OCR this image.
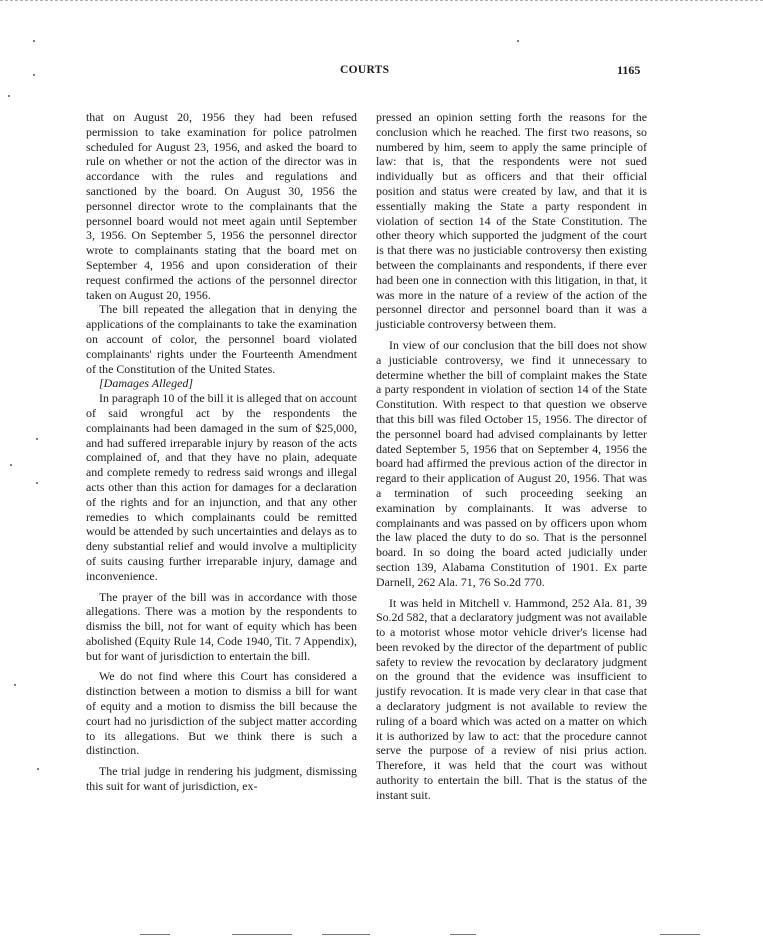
COURTS	1165

that on August 20, 1956 they had been refused permission to take examination for police patrolmen scheduled for August 23, 1956, and asked the board to rule on whether or not the action of the director was in accordance with the rules and regulations and sanctioned by the board. On August 30, 1956 the personnel director wrote to the complainants that the personnel board would not meet again until September 3, 1956. On September 5, 1956 the personnel director wrote to complainants stating that the board met on September 4, 1956 and upon consideration of their request confirmed the actions of the personnel director taken on August 20, 1956.

The bill repeated the allegation that in denying the applications of the complainants to take the examination on account of color, the personnel board violated complainants' rights under the Fourteenth Amendment of the Constitution of the United States.

[Damages Alleged]

In paragraph 10 of the bill it is alleged that on account of said wrongful act by the respondents the complainants had been damaged in the sum of $25,000, and had suffered irreparable injury by reason of the acts complained of, and that they have no plain, adequate and complete remedy to redress said wrongs and illegal acts other than this action for damages for a declaration of the rights and for an injunction, and that any other remedies to which complainants could be remitted would be attended by such uncertainties and delays as to deny substantial relief and would involve a multiplicity of suits causing further irreparable injury, damage and inconvenience.

The prayer of the bill was in accordance with those allegations. There was a motion by the respondents to dismiss the bill, not for want of equity which has been abolished (Equity Rule 14, Code 1940, Tit. 7 Appendix), but for want of jurisdiction to entertain the bill.

We do not find where this Court has considered a distinction between a motion to dismiss a bill for want of equity and a motion to dismiss the bill because the court had no jurisdiction of the subject matter according to its allegations. But we think there is such a distinction.

The trial judge in rendering his judgment, dismissing this suit for want of jurisdiction, ex-

pressed an opinion setting forth the reasons for the conclusion which he reached. The first two reasons, so numbered by him, seem to apply the same principle of law: that is, that the respondents were not sued individually but as officers and that their official position and status were created by law, and that it is essentially making the State a party respondent in violation of section 14 of the State Constitution. The other theory which supported the judgment of the court is that there was no justiciable controversy then existing between the complainants and respondents, if there ever had been one in connection with this litigation, in that, it was more in the nature of a review of the action of the personnel director and personnel board than it was a justiciable controversy between them.

In view of our conclusion that the bill does not show a justiciable controversy, we find it unnecessary to determine whether the bill of complaint makes the State a party respondent in violation of section 14 of the State Constitution. With respect to that question we observe that this bill was filed October 15, 1956. The director of the personnel board had advised complainants by letter dated September 5, 1956 that on September 4, 1956 the board had affirmed the previous action of the director in regard to their application of August 20, 1956. That was a termination of such proceeding seeking an examination by complainants. It was adverse to complainants and was passed on by officers upon whom the law placed the duty to do so. That is the personnel board. In so doing the board acted judicially under section 139, Alabama Constitution of 1901. Ex parte Darnell, 262 Ala. 71, 76 So.2d 770.

It was held in Mitchell v. Hammond, 252 Ala. 81, 39 So.2d 582, that a declaratory judgment was not available to a motorist whose motor vehicle driver's license had been revoked by the director of the department of public safety to review the revocation by declaratory judgment on the ground that the evidence was insufficient to justify revocation. It is made very clear in that case that a declaratory judgment is not available to review the ruling of a board which was acted on a matter on which it is authorized by law to act: that the procedure cannot serve the purpose of a review of nisi prius action. Therefore, it was held that the court was without authority to entertain the bill. That is the status of the instant suit.
